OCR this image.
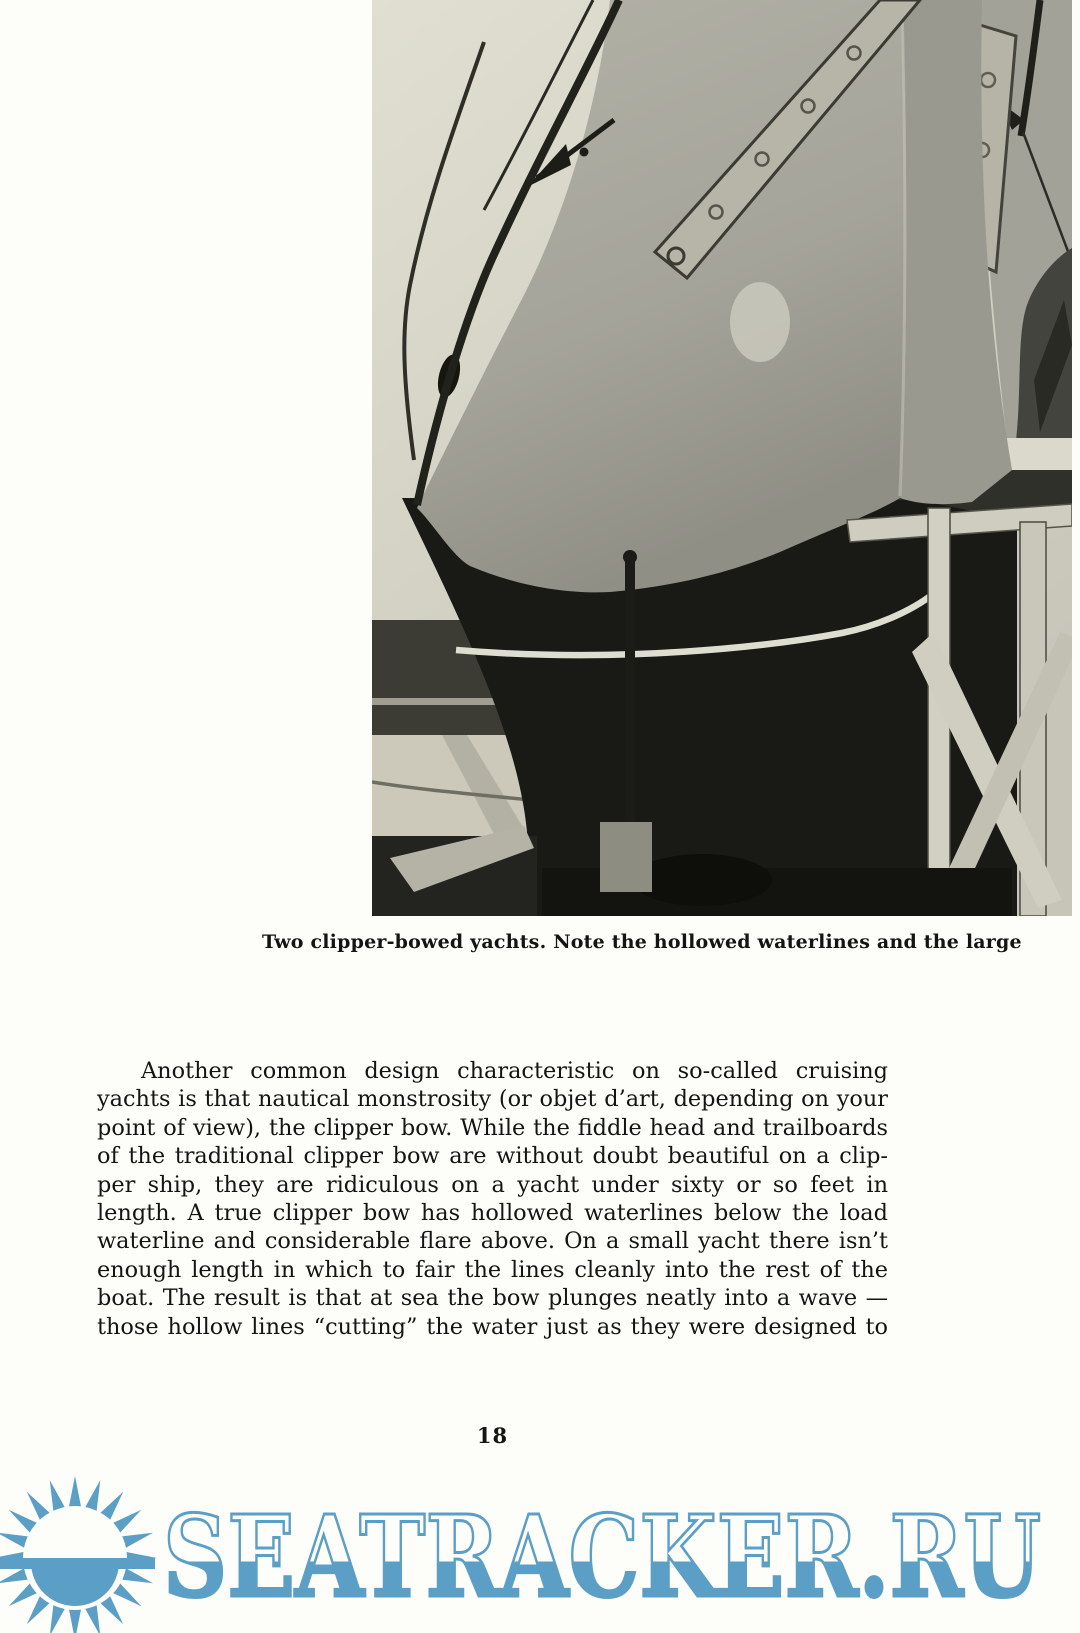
Two clipper-bowed yachts. Note the hollowed waterlines and the large
Another common design characteristic on so-called cruising
yachts is that nautical monstrosity (or objet d’art, depending on your
point of view), the clipper bow. While the fiddle head and trailboards
of the traditional clipper bow are without doubt beautiful on a clip-
per ship, they are ridiculous on a yacht under sixty or so feet in
length. A true clipper bow has hollowed waterlines below the load
waterline and considerable flare above. On a small yacht there isn’t
enough length in which to fair the lines cleanly into the rest of the
boat. The result is that at sea the bow plunges neatly into a wave —
those hollow lines “cutting” the water just as they were designed to
18
SEATRACKER.RU
